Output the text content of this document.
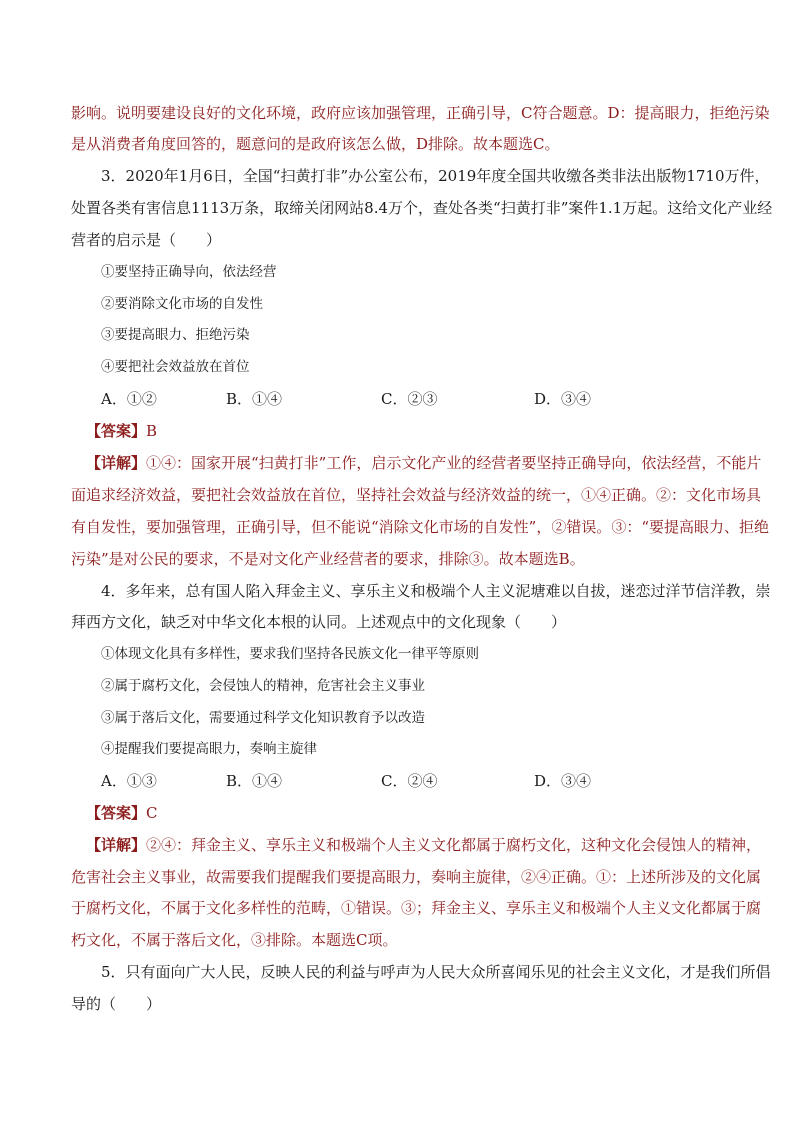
影响。说明要建设良好的文化环境，政府应该加强管理，正确引导，C符合题意。D：提高眼力，拒绝污染
是从消费者角度回答的，题意问的是政府该怎么做，D排除。故本题选C。
3．2020年1月6日，全国“扫黄打非”办公室公布，2019年度全国共收缴各类非法出版物1710万件，
处置各类有害信息1113万条，取缔关闭网站8.4万个，查处各类“扫黄打非”案件1.1万起。这给文化产业经
营者的启示是（　　）
①要坚持正确导向，依法经营
②要消除文化市场的自发性
③要提高眼力、拒绝污染
④要把社会效益放在首位
A．①②	B．①④	C．②③	D．③④
【答案】B
【详解】①④：国家开展“扫黄打非”工作，启示文化产业的经营者要坚持正确导向，依法经营，不能片
面追求经济效益，要把社会效益放在首位，坚持社会效益与经济效益的统一，①④正确。②：文化市场具
有自发性，要加强管理，正确引导，但不能说“消除文化市场的自发性”，②错误。③：“要提高眼力、拒绝
污染”是对公民的要求，不是对文化产业经营者的要求，排除③。故本题选B。
4．多年来，总有国人陷入拜金主义、享乐主义和极端个人主义泥塘难以自拔，迷恋过洋节信洋教，崇
拜西方文化，缺乏对中华文化本根的认同。上述观点中的文化现象（　　）
①体现文化具有多样性，要求我们坚持各民族文化一律平等原则
②属于腐朽文化，会侵蚀人的精神，危害社会主义事业
③属于落后文化，需要通过科学文化知识教育予以改造
④提醒我们要提高眼力，奏响主旋律
A．①③	B．①④	C．②④	D．③④
【答案】C
【详解】②④：拜金主义、享乐主义和极端个人主义文化都属于腐朽文化，这种文化会侵蚀人的精神，
危害社会主义事业，故需要我们提醒我们要提高眼力，奏响主旋律，②④正确。①：上述所涉及的文化属
于腐朽文化，不属于文化多样性的范畴，①错误。③；拜金主义、享乐主义和极端个人主义文化都属于腐
朽文化，不属于落后文化，③排除。本题选C项。
5．只有面向广大人民，反映人民的利益与呼声为人民大众所喜闻乐见的社会主义文化，才是我们所倡
导的（　　）
